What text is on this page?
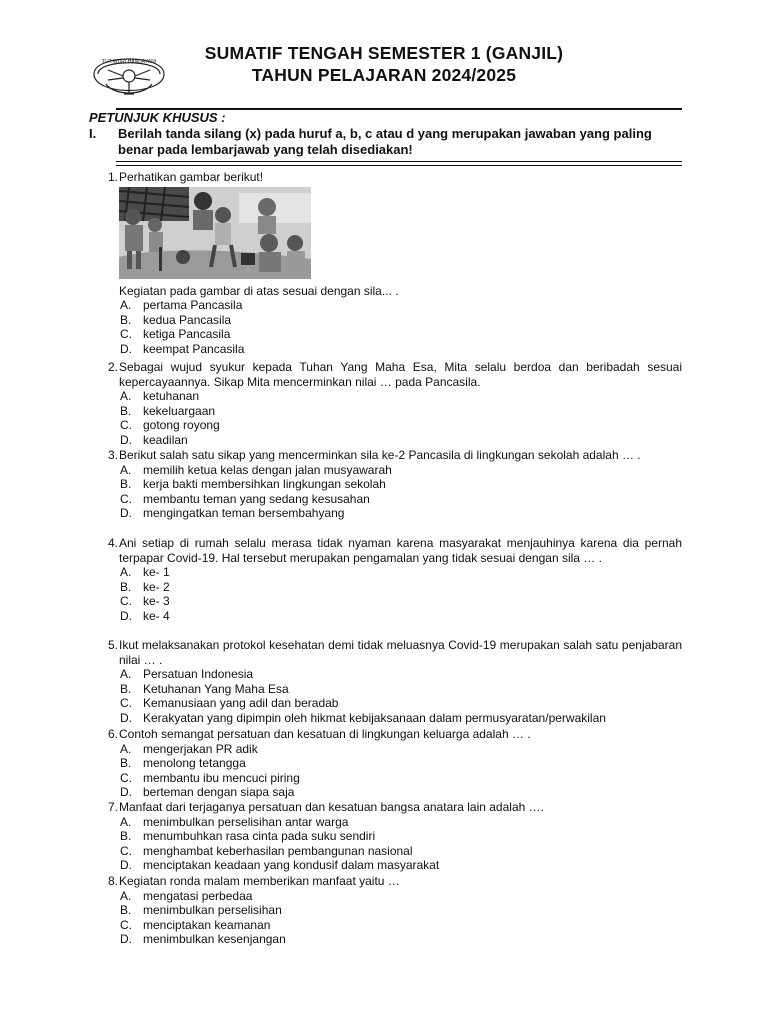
TUT WURI HANDAYANI	SUMATIF TENGAH SEMESTER 1 (GANJIL)
TAHUN PELAJARAN 2024/2025
PETUNJUK KHUSUS :
I. Berilah tanda silang (x) pada huruf a, b, c atau d yang merupakan jawaban yang paling benar pada lembarjawab yang telah disediakan!
1. Perhatikan gambar berikut!
Kegiatan pada gambar di atas sesuai dengan sila... .
A. pertama Pancasila
B. kedua Pancasila
C. ketiga Pancasila
D. keempat Pancasila
2. Sebagai wujud syukur kepada Tuhan Yang Maha Esa, Mita selalu berdoa dan beribadah sesuai kepercayaannya. Sikap Mita mencerminkan nilai … pada Pancasila.
A. ketuhanan
B. kekeluargaan
C. gotong royong
D. keadilan
3. Berikut salah satu sikap yang mencerminkan sila ke-2 Pancasila di lingkungan sekolah adalah … .
A. memilih ketua kelas dengan jalan musyawarah
B. kerja bakti membersihkan lingkungan sekolah
C. membantu teman yang sedang kesusahan
D. mengingatkan teman bersembahyang
4. Ani setiap di rumah selalu merasa tidak nyaman karena masyarakat menjauhinya karena dia pernah terpapar Covid-19. Hal tersebut merupakan pengamalan yang tidak sesuai dengan sila … .
A. ke- 1
B. ke- 2
C. ke- 3
D. ke- 4
5. Ikut melaksanakan protokol kesehatan demi tidak meluasnya Covid-19 merupakan salah satu penjabaran nilai … .
A. Persatuan Indonesia
B. Ketuhanan Yang Maha Esa
C. Kemanusiaan yang adil dan beradab
D. Kerakyatan yang dipimpin oleh hikmat kebijaksanaan dalam permusyaratan/perwakilan
6. Contoh semangat persatuan dan kesatuan di lingkungan keluarga adalah … .
A. mengerjakan PR adik
B. menolong tetangga
C. membantu ibu mencuci piring
D. berteman dengan siapa saja
7. Manfaat dari terjaganya persatuan dan kesatuan bangsa anatara lain adalah ….
A. menimbulkan perselisihan antar warga
B. menumbuhkan rasa cinta pada suku sendiri
C. menghambat keberhasilan pembangunan nasional
D. menciptakan keadaan yang kondusif dalam masyarakat
8. Kegiatan ronda malam memberikan manfaat yaitu …
A. mengatasi perbedaa
B. menimbulkan perselisihan
C. menciptakan keamanan
D. menimbulkan kesenjangan
